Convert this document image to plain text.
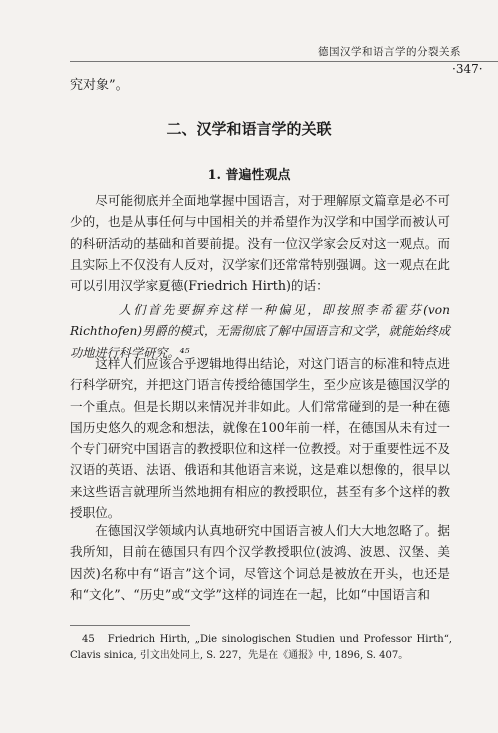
德国汉学和语言学的分裂关系
·347·
究对象”。
二、汉学和语言学的关联
1. 普遍性观点

尽可能彻底并全面地掌握中国语言，对于理解原文篇章是必不可少的，也是从事任何与中国相关的并希望作为汉学和中国学而被认可的科研活动的基础和首要前提。没有一位汉学家会反对这一观点。而且实际上不仅没有人反对，汉学家们还常常特别强调。这一观点在此可以引用汉学家夏德(Friedrich Hirth)的话：

人们首先要摒弃这样一种偏见，即按照李希霍芬(von Richthofen)男爵的模式，无需彻底了解中国语言和文学，就能始终成功地进行科学研究。⁴⁵

这样人们应该合乎逻辑地得出结论，对这门语言的标准和特点进行科学研究，并把这门语言传授给德国学生，至少应该是德国汉学的一个重点。但是长期以来情况并非如此。人们常常碰到的是一种在德国历史悠久的观念和想法，就像在100年前一样，在德国从未有过一个专门研究中国语言的教授职位和这样一位教授。对于重要性远不及汉语的英语、法语、俄语和其他语言来说，这是难以想像的，很早以来这些语言就理所当然地拥有相应的教授职位，甚至有多个这样的教授职位。

在德国汉学领域内认真地研究中国语言被人们大大地忽略了。据我所知，目前在德国只有四个汉学教授职位(波鸿、波恩、汉堡、美因茨)名称中有“语言”这个词，尽管这个词总是被放在开头，也还是和“文化”、“历史”或“文学”这样的词连在一起，比如“中国语言和

45　Friedrich Hirth, „Die sinologischen Studien und Professor Hirth“, Clavis sinica, 引文出处同上, S. 227，先是在《通报》中, 1896, S. 407。
